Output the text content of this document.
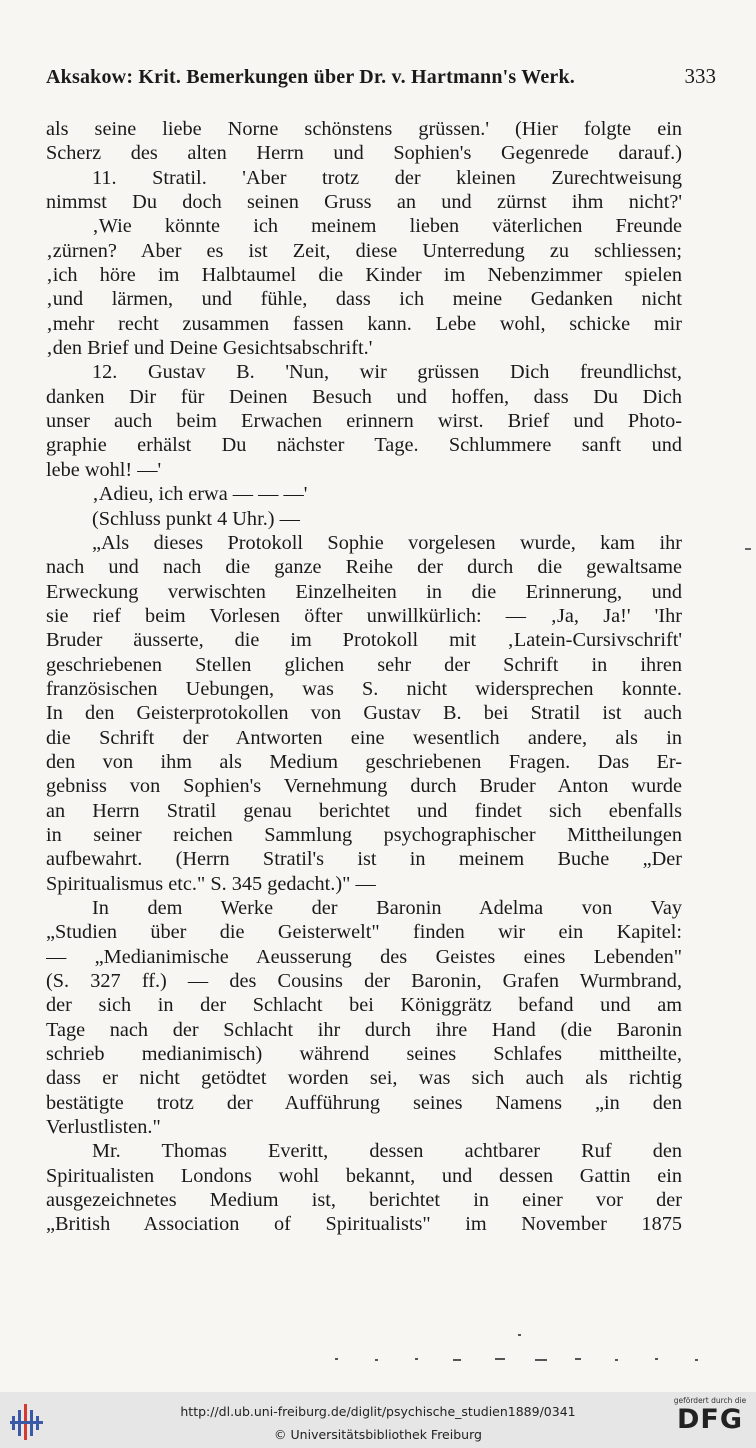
Aksakow: Krit. Bemerkungen über Dr. v. Hartmann's Werk.	333
als seine liebe Norne schönstens grüssen.' (Hier folgte ein
Scherz des alten Herrn und Sophien's Gegenrede darauf.)
11. Stratil. 'Aber trotz der kleinen Zurechtweisung
nimmst Du doch seinen Gruss an und zürnst ihm nicht?'
‚Wie könnte ich meinem lieben väterlichen Freunde
‚zürnen? Aber es ist Zeit, diese Unterredung zu schliessen;
‚ich höre im Halbtaumel die Kinder im Nebenzimmer spielen
‚und lärmen, und fühle, dass ich meine Gedanken nicht
‚mehr recht zusammen fassen kann. Lebe wohl, schicke mir
‚den Brief und Deine Gesichtsabschrift.'
12. Gustav B. 'Nun, wir grüssen Dich freundlichst,
danken Dir für Deinen Besuch und hoffen, dass Du Dich
unser auch beim Erwachen erinnern wirst. Brief und Photo-
graphie erhälst Du nächster Tage. Schlummere sanft und
lebe wohl! —'
‚Adieu, ich erwa — — —'
(Schluss punkt 4 Uhr.) —
„Als dieses Protokoll Sophie vorgelesen wurde, kam ihr
nach und nach die ganze Reihe der durch die gewaltsame
Erweckung verwischten Einzelheiten in die Erinnerung, und
sie rief beim Vorlesen öfter unwillkürlich: — ‚Ja, Ja!' 'Ihr
Bruder äusserte, die im Protokoll mit ‚Latein-Cursivschrift'
geschriebenen Stellen glichen sehr der Schrift in ihren
französischen Uebungen, was S. nicht widersprechen konnte.
In den Geisterprotokollen von Gustav B. bei Stratil ist auch
die Schrift der Antworten eine wesentlich andere, als in
den von ihm als Medium geschriebenen Fragen. Das Er-
gebniss von Sophien's Vernehmung durch Bruder Anton wurde
an Herrn Stratil genau berichtet und findet sich ebenfalls
in seiner reichen Sammlung psychographischer Mittheilungen
aufbewahrt. (Herrn Stratil's ist in meinem Buche „Der
Spiritualismus etc." S. 345 gedacht.)" —
In dem Werke der Baronin Adelma von Vay
„Studien über die Geisterwelt" finden wir ein Kapitel:
— „Medianimische Aeusserung des Geistes eines Lebenden"
(S. 327 ff.) — des Cousins der Baronin, Grafen Wurmbrand,
der sich in der Schlacht bei Königgrätz befand und am
Tage nach der Schlacht ihr durch ihre Hand (die Baronin
schrieb medianimisch) während seines Schlafes mittheilte,
dass er nicht getödtet worden sei, was sich auch als richtig
bestätigte trotz der Aufführung seines Namens „in den
Verlustlisten."
Mr. Thomas Everitt, dessen achtbarer Ruf den
Spiritualisten Londons wohl bekannt, und dessen Gattin ein
ausgezeichnetes Medium ist, berichtet in einer vor der
„British Association of Spiritualists" im November 1875
http://dl.ub.uni-freiburg.de/diglit/psychische_studien1889/0341
© Universitätsbibliothek Freiburg
gefördert durch die
DFG
